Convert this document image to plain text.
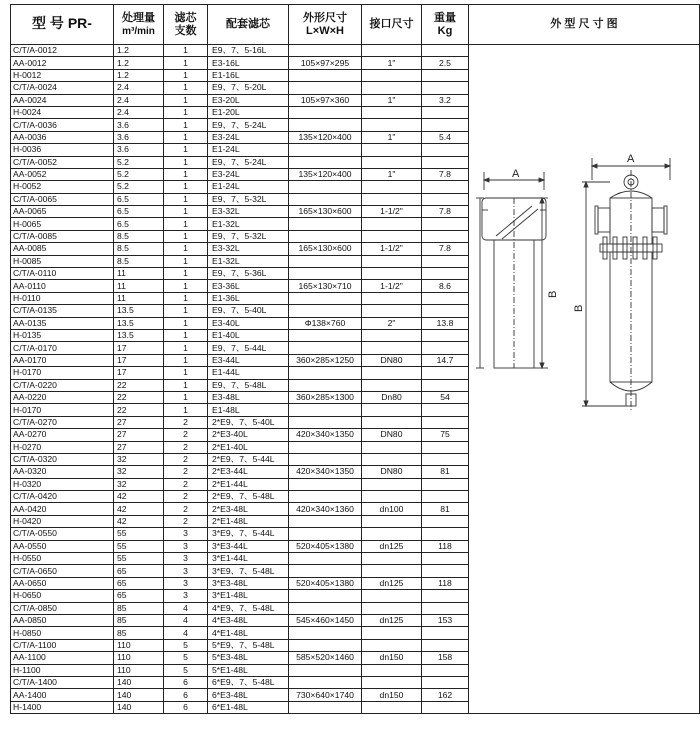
型 号 PR-	处理量
m³/min	滤芯
支数	配套滤芯	外形尺寸
L×W×H	接口尺寸	重量
Kg	外 型 尺 寸 图
C/T/A-0012	1.2	1	E9、7、5-16L				
AA-0012	1.2	1	E3-16L	105×97×295	1"	2.5	
H-0012	1.2	1	E1-16L				
C/T/A-0024	2.4	1	E9、7、5-20L				
AA-0024	2.4	1	E3-20L	105×97×360	1"	3.2	
H-0024	2.4	1	E1-20L				
C/T/A-0036	3.6	1	E9、7、5-24L				
AA-0036	3.6	1	E3-24L	135×120×400	1"	5.4	
H-0036	3.6	1	E1-24L				
C/T/A-0052	5.2	1	E9、7、5-24L				
AA-0052	5.2	1	E3-24L	135×120×400	1"	7.8	
H-0052	5.2	1	E1-24L				
C/T/A-0065	6.5	1	E9、7、5-32L				
AA-0065	6.5	1	E3-32L	165×130×600	1-1/2"	7.8	
H-0065	6.5	1	E1-32L				
C/T/A-0085	8.5	1	E9、7、5-32L				
AA-0085	8.5	1	E3-32L	165×130×600	1-1/2"	7.8	
H-0085	8.5	1	E1-32L				
C/T/A-0110	11	1	E9、7、5-36L				
AA-0110	11	1	E3-36L	165×130×710	1-1/2"	8.6	
H-0110	11	1	E1-36L				
C/T/A-0135	13.5	1	E9、7、5-40L				
AA-0135	13.5	1	E3-40L	Φ138×760	2"	13.8	
H-0135	13.5	1	E1-40L				
C/T/A-0170	17	1	E9、7、5-44L				
AA-0170	17	1	E3-44L	360×285×1250	DN80	14.7	
H-0170	17	1	E1-44L				
C/T/A-0220	22	1	E9、7、5-48L				
AA-0220	22	1	E3-48L	360×285×1300	Dn80	54	
H-0170	22	1	E1-48L				
C/T/A-0270	27	2	2*E9、7、5-40L				
AA-0270	27	2	2*E3-40L	420×340×1350	DN80	75	
H-0270	27	2	2*E1-40L				
C/T/A-0320	32	2	2*E9、7、5-44L				
AA-0320	32	2	2*E3-44L	420×340×1350	DN80	81	
H-0320	32	2	2*E1-44L				
C/T/A-0420	42	2	2*E9、7、5-48L				
AA-0420	42	2	2*E3-48L	420×340×1360	dn100	81	
H-0420	42	2	2*E1-48L				
C/T/A-0550	55	3	3*E9、7、5-44L				
AA-0550	55	3	3*E3-44L	520×405×1380	dn125	118	
H-0550	55	3	3*E1-44L				
C/T/A-0650	65	3	3*E9、7、5-48L				
AA-0650	65	3	3*E3-48L	520×405×1380	dn125	118	
H-0650	65	3	3*E1-48L				
C/T/A-0850	85	4	4*E9、7、5-48L				
AA-0850	85	4	4*E3-48L	545×460×1450	dn125	153	
H-0850	85	4	4*E1-48L				
C/T/A-1100	110	5	5*E9、7、5-48L				
AA-1100	110	5	5*E3-48L	585×520×1460	dn150	158	
H-1100	110	5	5*E1-48L				
C/T/A-1400	140	6	6*E9、7、5-48L				
AA-1400	140	6	6*E3-48L	730×640×1740	dn150	162	
H-1400	140	6	6*E1-48L				
A
B
A
B
